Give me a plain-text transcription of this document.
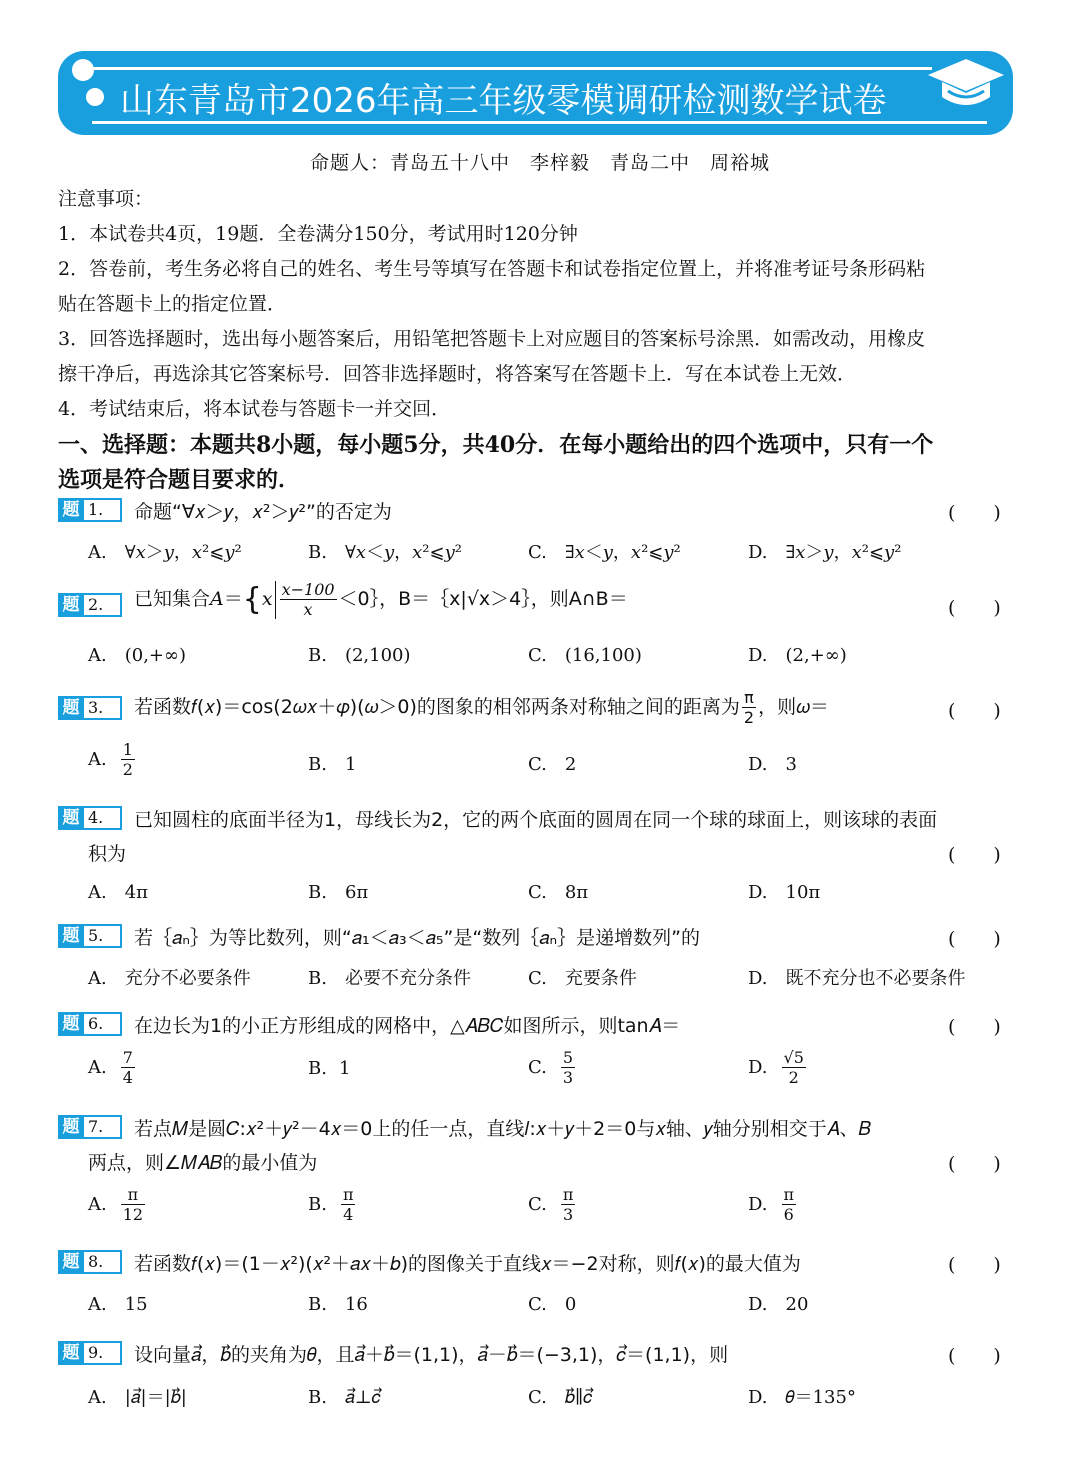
山东青岛市2026年高三年级零模调研检测数学试卷
命题人：青岛五十八中　李梓毅　青岛二中　周裕城
注意事项：
1．本试卷共4页，19题．全卷满分150分，考试用时120分钟
2．答卷前，考生务必将自己的姓名、考生号等填写在答题卡和试卷指定位置上，并将准考证号条形码粘
贴在答题卡上的指定位置．
3．回答选择题时，选出每小题答案后，用铅笔把答题卡上对应题目的答案标号涂黑．如需改动，用橡皮
擦干净后，再选涂其它答案标号．回答非选择题时，将答案写在答题卡上．写在本试卷上无效．
4．考试结束后，将本试卷与答题卡一并交回．
一、选择题：本题共8小题，每小题5分，共40分．在每小题给出的四个选项中，只有一个
选项是符合题目要求的．
题 1.	命题“∀𝑥＞𝑦，𝑥²＞𝑦²”的否定为	(　　)
A.　∀𝑥＞𝑦，𝑥²⩽𝑦²	B.　∀𝑥＜𝑦，𝑥²⩽𝑦²	C.　∃𝑥＜𝑦，𝑥²⩽𝑦²	D.　∃𝑥＞𝑦，𝑥²⩽𝑦²
题 2.	已知集合$A=\{x \frac{x-100}{x}$ ＜0｝，B＝｛x|√x＞4｝，则A∩B＝	(　　)
A.　(0,+∞)	B.　(2,100)	C.　(16,100)	D.　(2,+∞)
题 3.	若函数𝑓(𝑥)＝cos(2𝜔𝑥＋𝜑)(𝜔＞0)的图象的相邻两条对称轴之间的距离为 $\frac{\pi}{2}$ ，则𝜔＝	(　　)
A. $\frac{1}{2}$	B.　1	C.　2	D.　3
题 4.	已知圆柱的底面半径为1，母线长为2，它的两个底面的圆周在同一个球的球面上，则该球的表面
积为	(　　)
A.　4π	B.　6π	C.　8π	D.　10π
题 5.	若｛𝑎ₙ｝为等比数列，则“𝑎₁＜𝑎₃＜𝑎₅”是“数列｛𝑎ₙ｝是递增数列”的	(　　)
A.　充分不必要条件	B.　必要不充分条件	C.　充要条件	D.　既不充分也不必要条件
题 6.	在边长为1的小正方形组成的网格中，△𝐴𝐵𝐶如图所示，则tan𝐴＝	(　　)
A. $\frac{7}{4}$	B. 1	C. $\frac{5}{3}$	D. $\frac{√5}{2}$
题 7.	若点𝑀是圆𝐶:𝑥²＋𝑦²－4𝑥＝0上的任一点，直线𝑙:𝑥＋𝑦＋2＝0与𝑥轴、𝑦轴分别相交于𝐴、𝐵
两点，则∠𝑀𝐴𝐵的最小值为	(　　)
A. $\frac{\pi}{12}$	B. $\frac{\pi}{4}$	C. $\frac{\pi}{3}$	D. $\frac{\pi}{6}$
题 8.	若函数𝑓(𝑥)＝(1－𝑥²)(𝑥²＋𝑎𝑥＋𝑏)的图像关于直线𝑥＝−2对称，则𝑓(𝑥)的最大值为	(　　)
A.　15	B.　16	C.　0	D.　20
题 9.	设向量𝑎⃗，𝑏⃗的夹角为𝜃，且𝑎⃗＋𝑏⃗＝(1,1)，𝑎⃗－𝑏⃗＝(−3,1)，𝑐⃗＝(1,1)，则	(　　)
A.　|𝑎⃗|＝|𝑏⃗|	B.　𝑎⃗⊥𝑐⃗	C.　𝑏⃗∥𝑐⃗	D.　𝜃＝135°
